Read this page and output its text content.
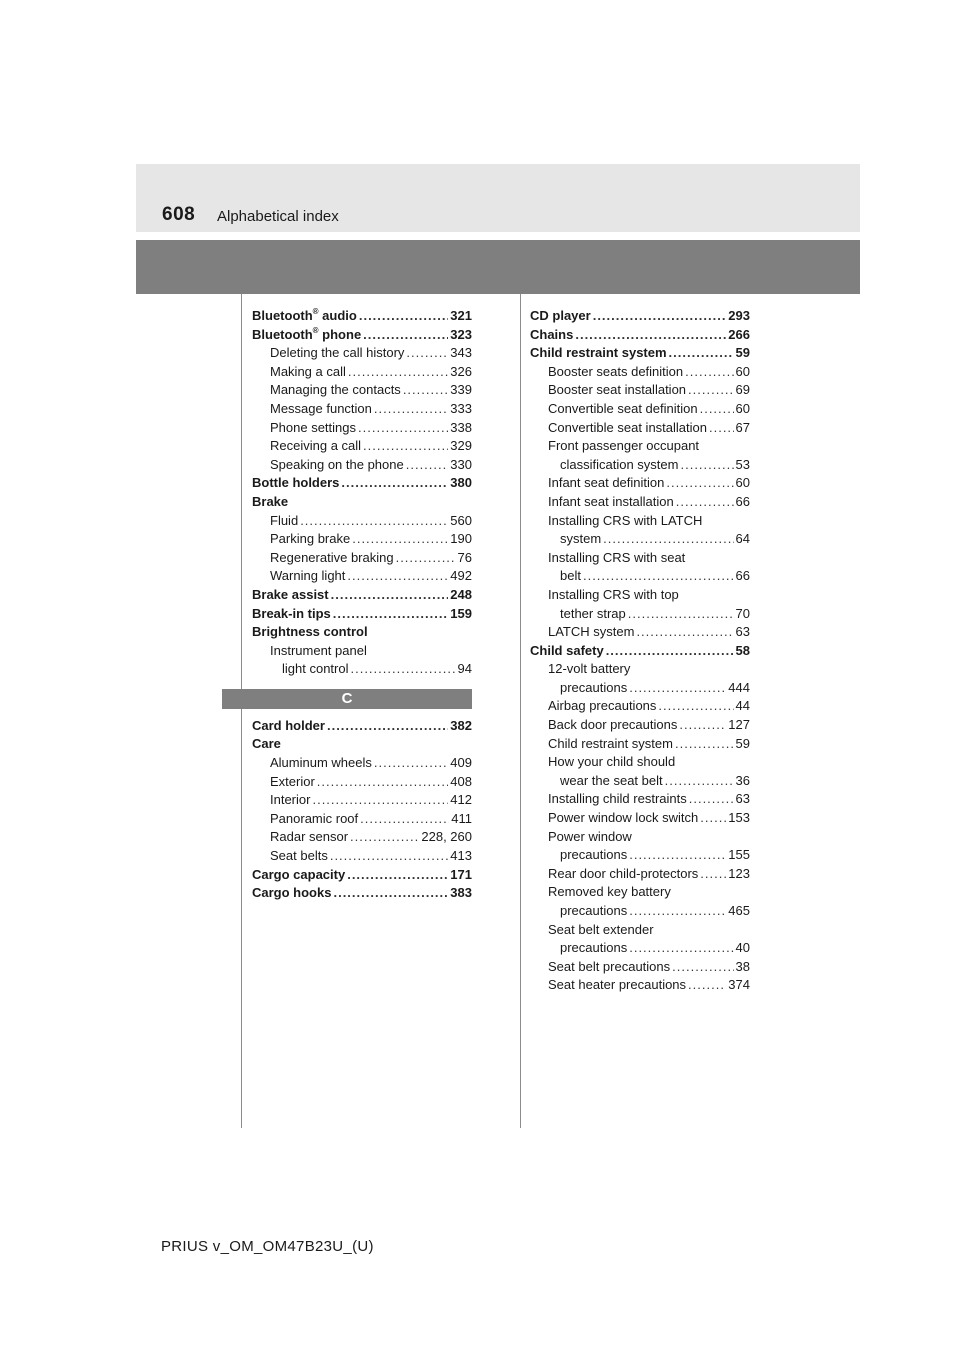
608 Alphabetical index
Bluetooth® audio .....	321
Bluetooth® phone .....	323
Deleting the call history .....	343
Making a call .....	326
Managing the contacts .....	339
Message function .....	333
Phone settings .....	338
Receiving a call .....	329
Speaking on the phone .....	330
Bottle holders .....	380
Brake
Fluid .....	560
Parking brake .....	190
Regenerative braking .....	76
Warning light .....	492
Brake assist .....	248
Break-in tips .....	159
Brightness control
Instrument panel
light control .....	94
C
Card holder .....	382
Care
Aluminum wheels .....	409
Exterior .....	408
Interior .....	412
Panoramic roof .....	411
Radar sensor .....	228, 260
Seat belts .....	413
Cargo capacity .....	171
Cargo hooks .....	383
CD player .....	293
Chains .....	266
Child restraint system .....	59
Booster seats definition .....	60
Booster seat installation .....	69
Convertible seat definition .....	60
Convertible seat installation ..... 67
Front passenger occupant
classification system .....	53
Infant seat definition .....	60
Infant seat installation .....	66
Installing CRS with LATCH
system .....	64
Installing CRS with seat
belt .....	66
Installing CRS with top
tether strap .....	70
LATCH system .....	63
Child safety .....	58
12-volt battery
precautions .....	444
Airbag precautions .....	44
Back door precautions .....	127
Child restraint system .....	59
How your child should
wear the seat belt .....	36
Installing child restraints .....	63
Power window lock switch ..... 153
Power window
precautions .....	155
Rear door child-protectors ..... 123
Removed key battery
precautions .....	465
Seat belt extender
precautions .....	40
Seat belt precautions .....	38
Seat heater precautions .....	374
PRIUS v_OM_OM47B23U_(U)
